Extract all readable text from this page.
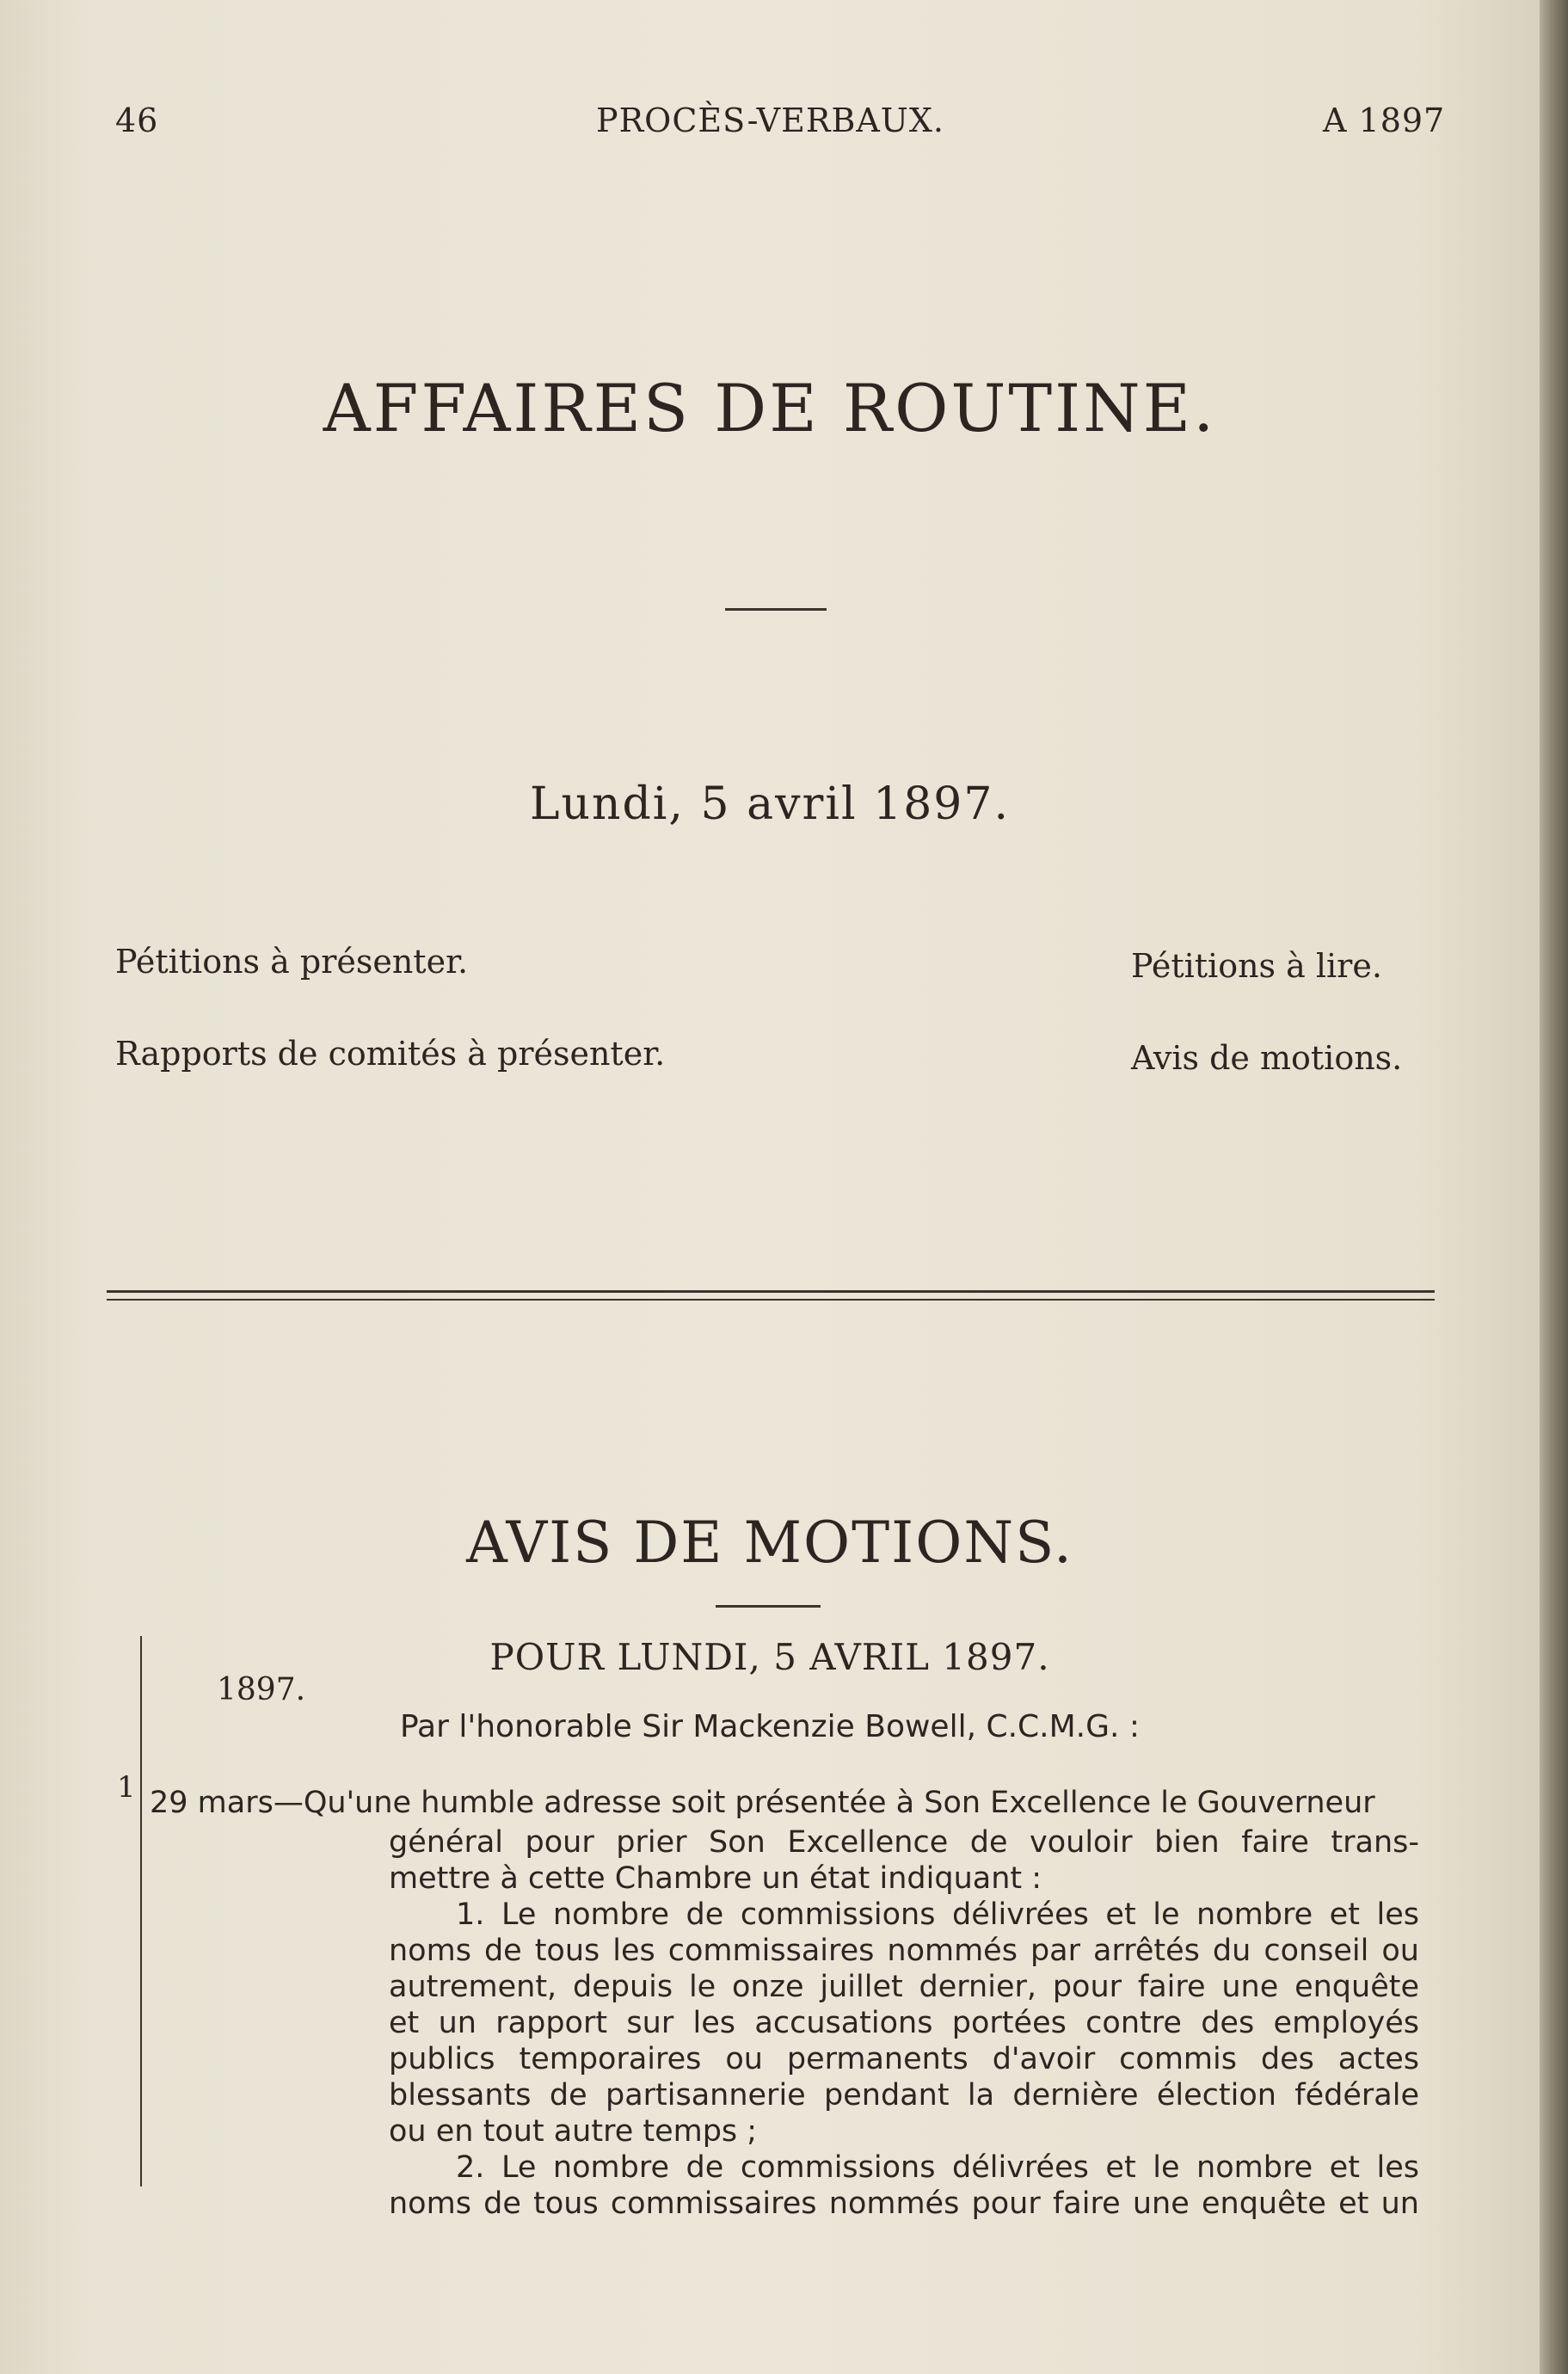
46	PROCÈS-VERBAUX.	A 1897
AFFAIRES DE ROUTINE.
Lundi, 5 avril 1897.
Pétitions à présenter.
Rapports de comités à présenter.
Pétitions à lire.
Avis de motions.
AVIS DE MOTIONS.
POUR LUNDI, 5 AVRIL 1897.
1897.
Par l'honorable Sir Mackenzie Bowell, C.C.M.G. :
1 29 mars—Qu'une humble adresse soit présentée à Son Excellence le Gouverneur
général pour prier Son Excellence de vouloir bien faire trans-
mettre à cette Chambre un état indiquant :
1. Le nombre de commissions délivrées et le nombre et les
noms de tous les commissaires nommés par arrêtés du conseil ou
autrement, depuis le onze juillet dernier, pour faire une enquête
et un rapport sur les accusations portées contre des employés
publics temporaires ou permanents d'avoir commis des actes
blessants de partisannerie pendant la dernière élection fédérale
ou en tout autre temps ;
2. Le nombre de commissions délivrées et le nombre et les
noms de tous commissaires nommés pour faire une enquête et un
